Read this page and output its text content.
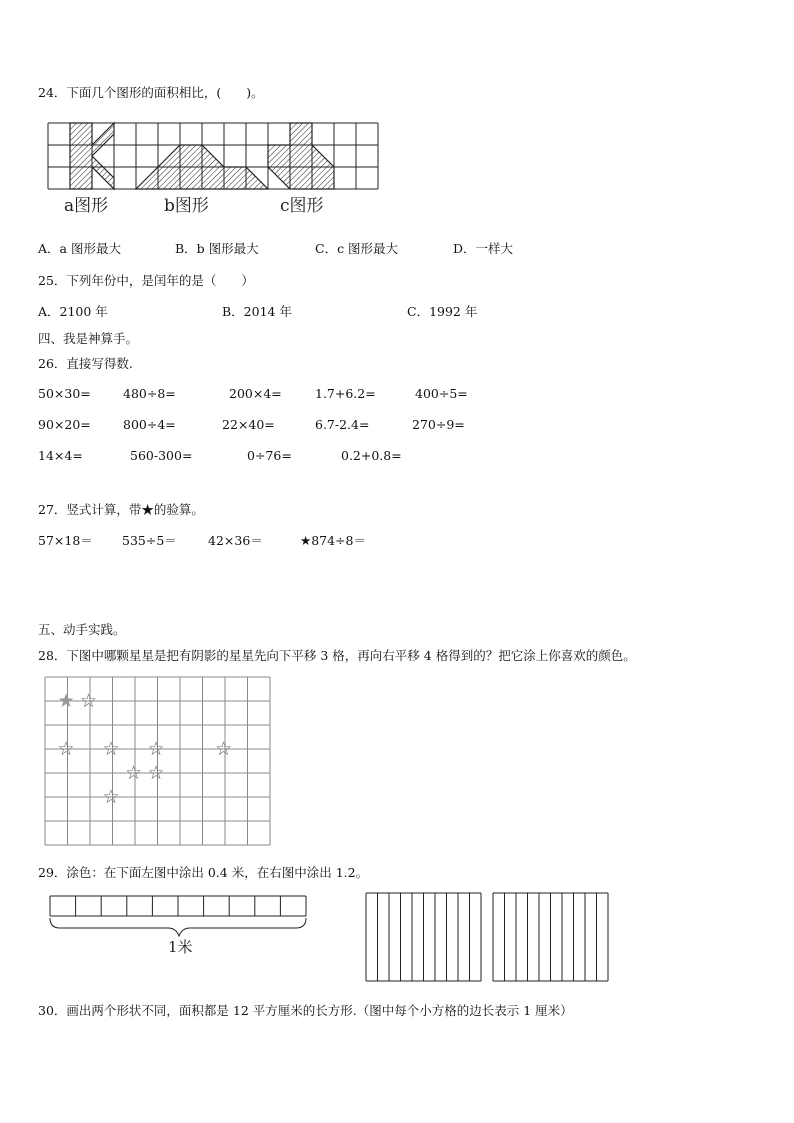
24．下面几个图形的面积相比，(　　)。
a图形	b图形	c图形
A．a 图形最大	B．b 图形最大	C．c 图形最大	D．一样大
25．下列年份中，是闰年的是（　　）
A．2100 年	B．2014 年	C．1992 年
四、我是神算手。
26．直接写得数.
50×30=	480÷8=	200×4=	1.7+6.2=	400÷5=
90×20=	800÷4=	22×40=	6.7-2.4=	270÷9=
14×4=	560-300=	0÷76=	0.2+0.8=
27．竖式计算，带★的验算。
57×18＝ 535÷5＝ 42×36＝	★874÷8＝
五、动手实践。
28．下图中哪颗星星是把有阴影的星星先向下平移 3 格，再向右平移 4 格得到的？把它涂上你喜欢的颜色。
★ ☆
☆ ☆ ☆	☆
☆ ☆
☆
29．涂色：在下面左图中涂出 0.4 米，在右图中涂出 1.2。
1米
30．画出两个形状不同，面积都是 12 平方厘米的长方形.（图中每个小方格的边长表示 1 厘米）
